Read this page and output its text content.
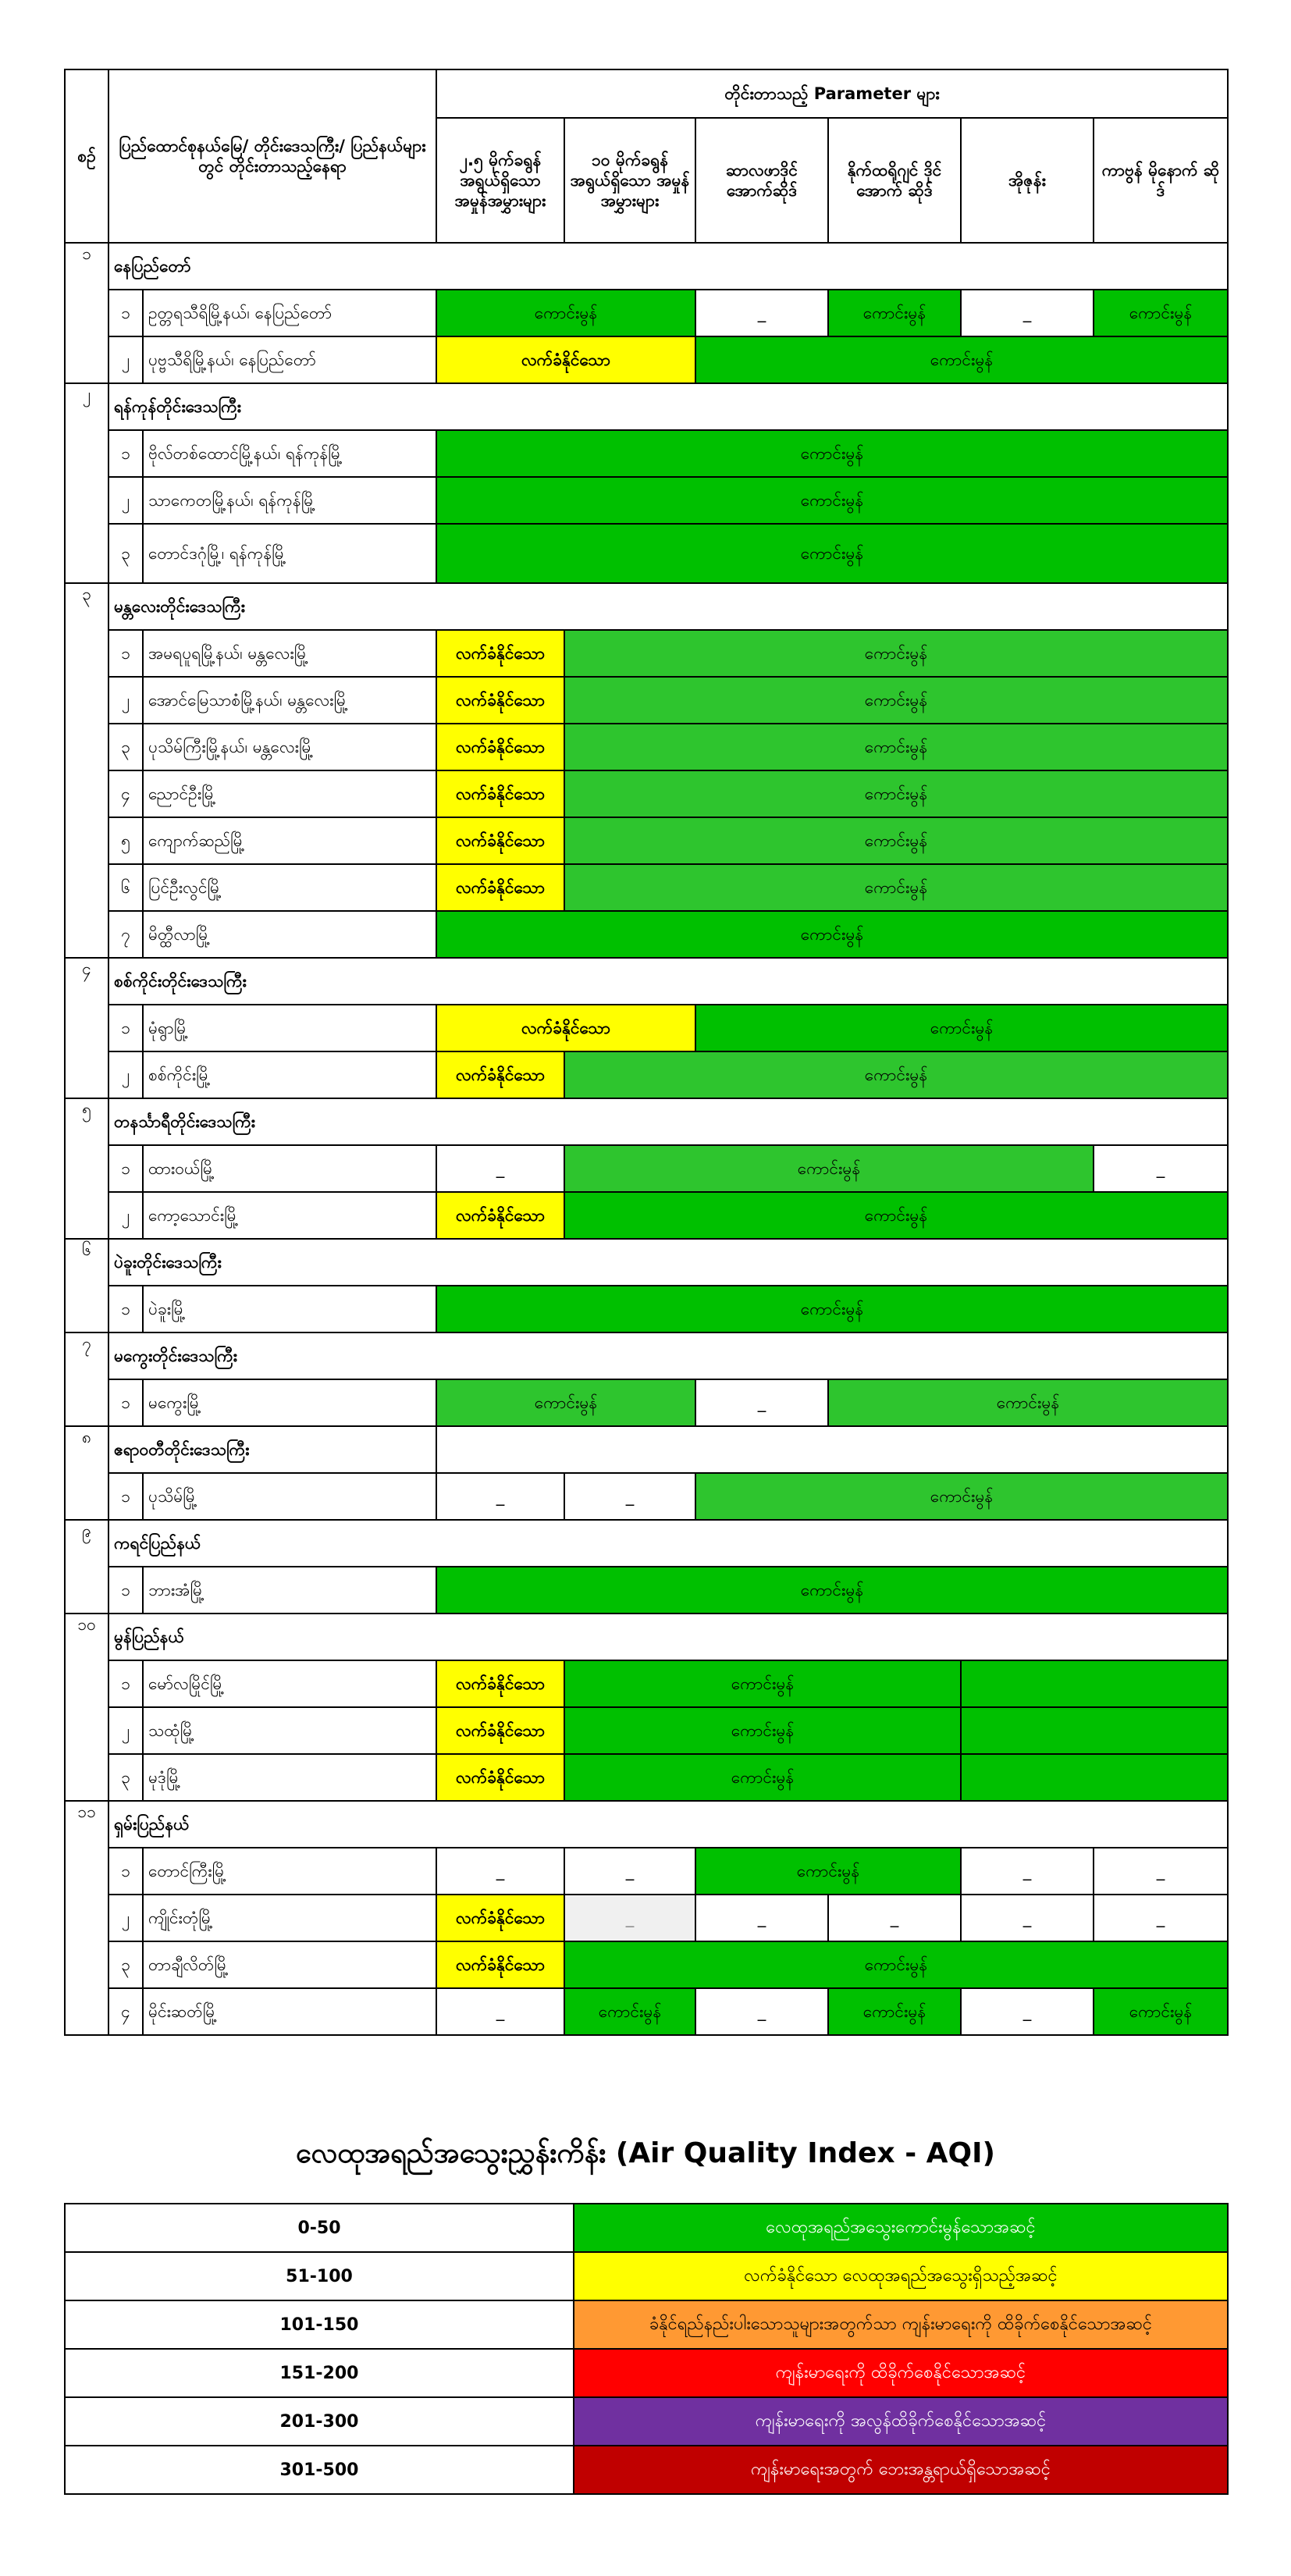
စဉ်	ပြည်ထောင်စုနယ်မြေ/ တိုင်းဒေသကြီး/ ပြည်နယ်များတွင် တိုင်းတာသည့်နေရာ		တိုင်းတာသည့် Parameter များ					
			၂.၅ မိုက်ခရွန် အရွယ်ရှိသော အမှုန်အမွှားများ	၁၀ မိုက်ခရွန် အရွယ်ရှိသော အမှုန်အမွှားများ	ဆာလဖာဒိုင် အောက်ဆိုဒ်	နိုက်ထရိုဂျင် ဒိုင်အောက် ဆိုဒ်	အိုဇုန်း	ကာဗွန် မိုနောက် ဆိုဒ်
၁	နေပြည်တော်							
	၁	ဥတ္တရသီရိမြို့နယ်၊ နေပြည်တော်	ကောင်းမွန်		_	ကောင်းမွန်	_	ကောင်းမွန်
	၂	ပုဗ္ဗသီရိမြို့နယ်၊ နေပြည်တော်	လက်ခံနိုင်သော		ကောင်းမွန်			
၂	ရန်ကုန်တိုင်းဒေသကြီး							
	၁	ဗိုလ်တစ်ထောင်မြို့နယ်၊ ရန်ကုန်မြို့	ကောင်းမွန်					
	၂	သာကေတမြို့နယ်၊ ရန်ကုန်မြို့	ကောင်းမွန်					
	၃	တောင်ဒဂုံမြို့၊ ရန်ကုန်မြို့	ကောင်းမွန်					
၃	မန္တလေးတိုင်းဒေသကြီး							
	၁	အမရပူရမြို့နယ်၊ မန္တလေးမြို့	လက်ခံနိုင်သော	ကောင်းမွန်				
	၂	အောင်မြေသာစံမြို့နယ်၊ မန္တလေးမြို့	လက်ခံနိုင်သော	ကောင်းမွန်				
	၃	ပုသိမ်ကြီးမြို့နယ်၊ မန္တလေးမြို့	လက်ခံနိုင်သော	ကောင်းမွန်				
	၄	ညောင်ဦးမြို့	လက်ခံနိုင်သော	ကောင်းမွန်				
	၅	ကျောက်ဆည်မြို့	လက်ခံနိုင်သော	ကောင်းမွန်				
	၆	ပြင်ဦးလွင်မြို့	လက်ခံနိုင်သော	ကောင်းမွန်				
	၇	မိတ္ထီလာမြို့	ကောင်းမွန်					
၄	စစ်ကိုင်းတိုင်းဒေသကြီး							
	၁	မုံရွာမြို့	လက်ခံနိုင်သော		ကောင်းမွန်			
	၂	စစ်ကိုင်းမြို့	လက်ခံနိုင်သော	ကောင်းမွန်				
၅	တနင်္သာရီတိုင်းဒေသကြီး							
	၁	ထားဝယ်မြို့	_	ကောင်းမွန်				_
	၂	ကော့သောင်းမြို့	လက်ခံနိုင်သော	ကောင်းမွန်				
၆	ပဲခူးတိုင်းဒေသကြီး							
	၁	ပဲခူးမြို့	ကောင်းမွန်					
၇	မကွေးတိုင်းဒေသကြီး							
	၁	မကွေးမြို့	ကောင်းမွန်		_	ကောင်းမွန်		
၈	ဧရာဝတီတိုင်းဒေသကြီး							
	၁	ပုသိမ်မြို့	_	_	ကောင်းမွန်			
၉	ကရင်ပြည်နယ်							
	၁	ဘားအံမြို့	ကောင်းမွန်					
၁၀	မွန်ပြည်နယ်							
	၁	မော်လမြိုင်မြို့	လက်ခံနိုင်သော	ကောင်းမွန်				
	၂	သထုံမြို့	လက်ခံနိုင်သော	ကောင်းမွန်				
	၃	မုဒုံမြို့	လက်ခံနိုင်သော	ကောင်းမွန်				
၁၁	ရှမ်းပြည်နယ်							
	၁	တောင်ကြီးမြို့	_	_	ကောင်းမွန်		_	_
	၂	ကျိုင်းတုံမြို့	လက်ခံနိုင်သော	_	_	_	_	_
	၃	တာချီလိတ်မြို့	လက်ခံနိုင်သော	ကောင်းမွန်				
	၄	မိုင်းဆတ်မြို့	_	ကောင်းမွန်	_	ကောင်းမွန်	_	ကောင်းမွန်
လေထုအရည်အသွေးညွှန်းကိန်း (Air Quality Index - AQI)
0-50	လေထုအရည်အသွေးကောင်းမွန်သောအဆင့်
51-100	လက်ခံနိုင်သော လေထုအရည်အသွေးရှိသည့်အဆင့်
101-150	ခံနိုင်ရည်နည်းပါးသောသူများအတွက်သာ ကျန်းမာရေးကို ထိခိုက်စေနိုင်သောအဆင့်
151-200	ကျန်းမာရေးကို ထိခိုက်စေနိုင်သောအဆင့်
201-300	ကျန်းမာရေးကို အလွန်ထိခိုက်စေနိုင်သောအဆင့်
301-500	ကျန်းမာရေးအတွက် ဘေးအန္တရာယ်ရှိသောအဆင့်
